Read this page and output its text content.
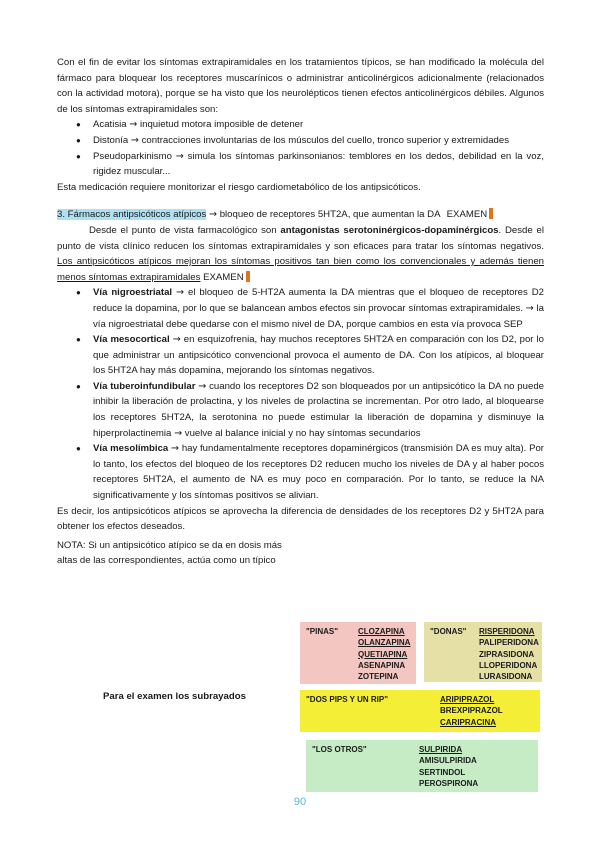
Con el fin de evitar los síntomas extrapiramidales en los tratamientos típicos, se han modificado la molécula del fármaco para bloquear los receptores muscarínicos o administrar anticolinérgicos adicionalmente (relacionados con la actividad motora), porque se ha visto que los neurolépticos tienen efectos anticolinérgicos débiles. Algunos de los síntomas extrapiramidales son:

● Acatisia → inquietud motora imposible de detener
● Distonía → contracciones involuntarias de los músculos del cuello, tronco superior y extremidades
● Pseudoparkinismo → simula los síntomas parkinsonianos: temblores en los dedos, debilidad en la voz, rigidez muscular...

Esta medicación requiere monitorizar el riesgo cardiometabólico de los antipsicóticos.

3. Fármacos antipsicóticos atípicos → bloqueo de receptores 5HT2A, que aumentan la DA EXAMEN

Desde el punto de vista farmacológico son antagonistas serotoninérgicos-dopaminérgicos. Desde el punto de vista clínico reducen los síntomas extrapiramidales y son eficaces para tratar los síntomas negativos. Los antipsicóticos atípicos mejoran los síntomas positivos tan bien como los convencionales y además tienen menos síntomas extrapiramidales EXAMEN

● Vía nigroestriatal → el bloqueo de 5-HT2A aumenta la DA mientras que el bloqueo de receptores D2 reduce la dopamina, por lo que se balancean ambos efectos sin provocar síntomas extrapiramidales. → la vía nigroestriatal debe quedarse con el mismo nivel de DA, porque cambios en esta vía provoca SEP
● Vía mesocortical → en esquizofrenia, hay muchos receptores 5HT2A en comparación con los D2, por lo que administrar un antipsicótico convencional provoca el aumento de DA. Con los atípicos, al bloquear los 5HT2A hay más dopamina, mejorando los síntomas negativos.
● Vía tuberoinfundibular → cuando los receptores D2 son bloqueados por un antipsicótico la DA no puede inhibir la liberación de prolactina, y los niveles de prolactina se incrementan. Por otro lado, al bloquearse los receptores 5HT2A, la serotonina no puede estimular la liberación de dopamina y disminuye la hiperprolactinemia → vuelve al balance inicial y no hay síntomas secundarios
● Vía mesolímbica → hay fundamentalmente receptores dopaminérgicos (transmisión DA es muy alta). Por lo tanto, los efectos del bloqueo de los receptores D2 reducen mucho los niveles de DA y al haber pocos receptores 5HT2A, el aumento de NA es muy poco en comparación. Por lo tanto, se reduce la NA significativamente y los síntomas positivos se alivian.

Es decir, los antipsicóticos atípicos se aprovecha la diferencia de densidades de los receptores D2 y 5HT2A para obtener los efectos deseados.

NOTA: Si un antipsicótico atípico se da en dosis más altas de las correspondientes, actúa como un típico

"PINAS" CLOZAPINA
OLANZAPINA
QUETIAPINA
ASENAPINA
ZOTEPINA
"DONAS" RISPERIDONA
PALIPERIDONA
ZIPRASIDONA
LLOPERIDONA
LURASIDONA
Para el examen los subrayados	"DOS PIPS Y UN RIP"	ARIPIPRAZOL
BREXPIPRAZOL
CARIPRACINA
"LOS OTROS"	SULPIRIDA
AMISULPIRIDA
SERTINDOL
PEROSPIRONA
90
